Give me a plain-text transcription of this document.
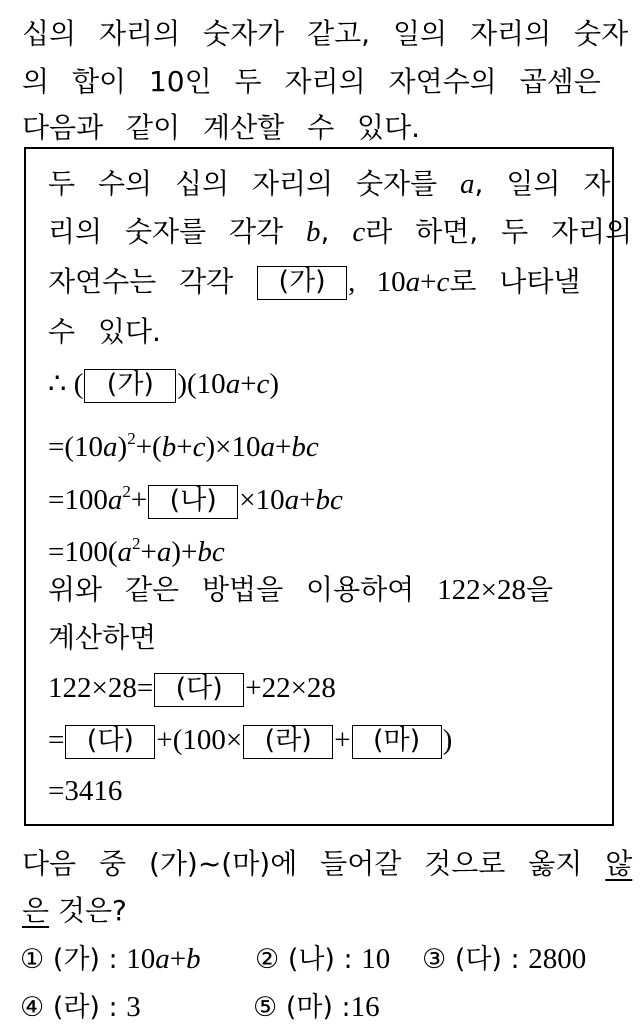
십의 자리의 숫자가 같고, 일의 자리의 숫자
의 합이 10인 두 자리의 자연수의 곱셈은
다음과 같이 계산할 수 있다.
두 수의 십의 자리의 숫자를 a, 일의 자
리의 숫자를 각각 b, c라 하면, 두 자리의
자연수는 각각 (가) , 10a+c로 나타낼
수 있다.
∴ ( (가) )(10a+c)
$=(10a)^2+(b+c)\times 10a+bc$
$=100a^2+$ (나) ×10a+bc
$=100(a^2+a)+bc$
위와 같은 방법을 이용하여 122×28을
계산하면
122×28= (다) +22×28
= (다) +(100× (라) + (마) )
=3416
다음 중 (가)~(마)에 들어갈 것으로 옳지 않
은 것은?
① (가) : 10a+b ② (나) : 10 ③ (다) : 2800
④ (라) : 3	⑤ (마) :16
